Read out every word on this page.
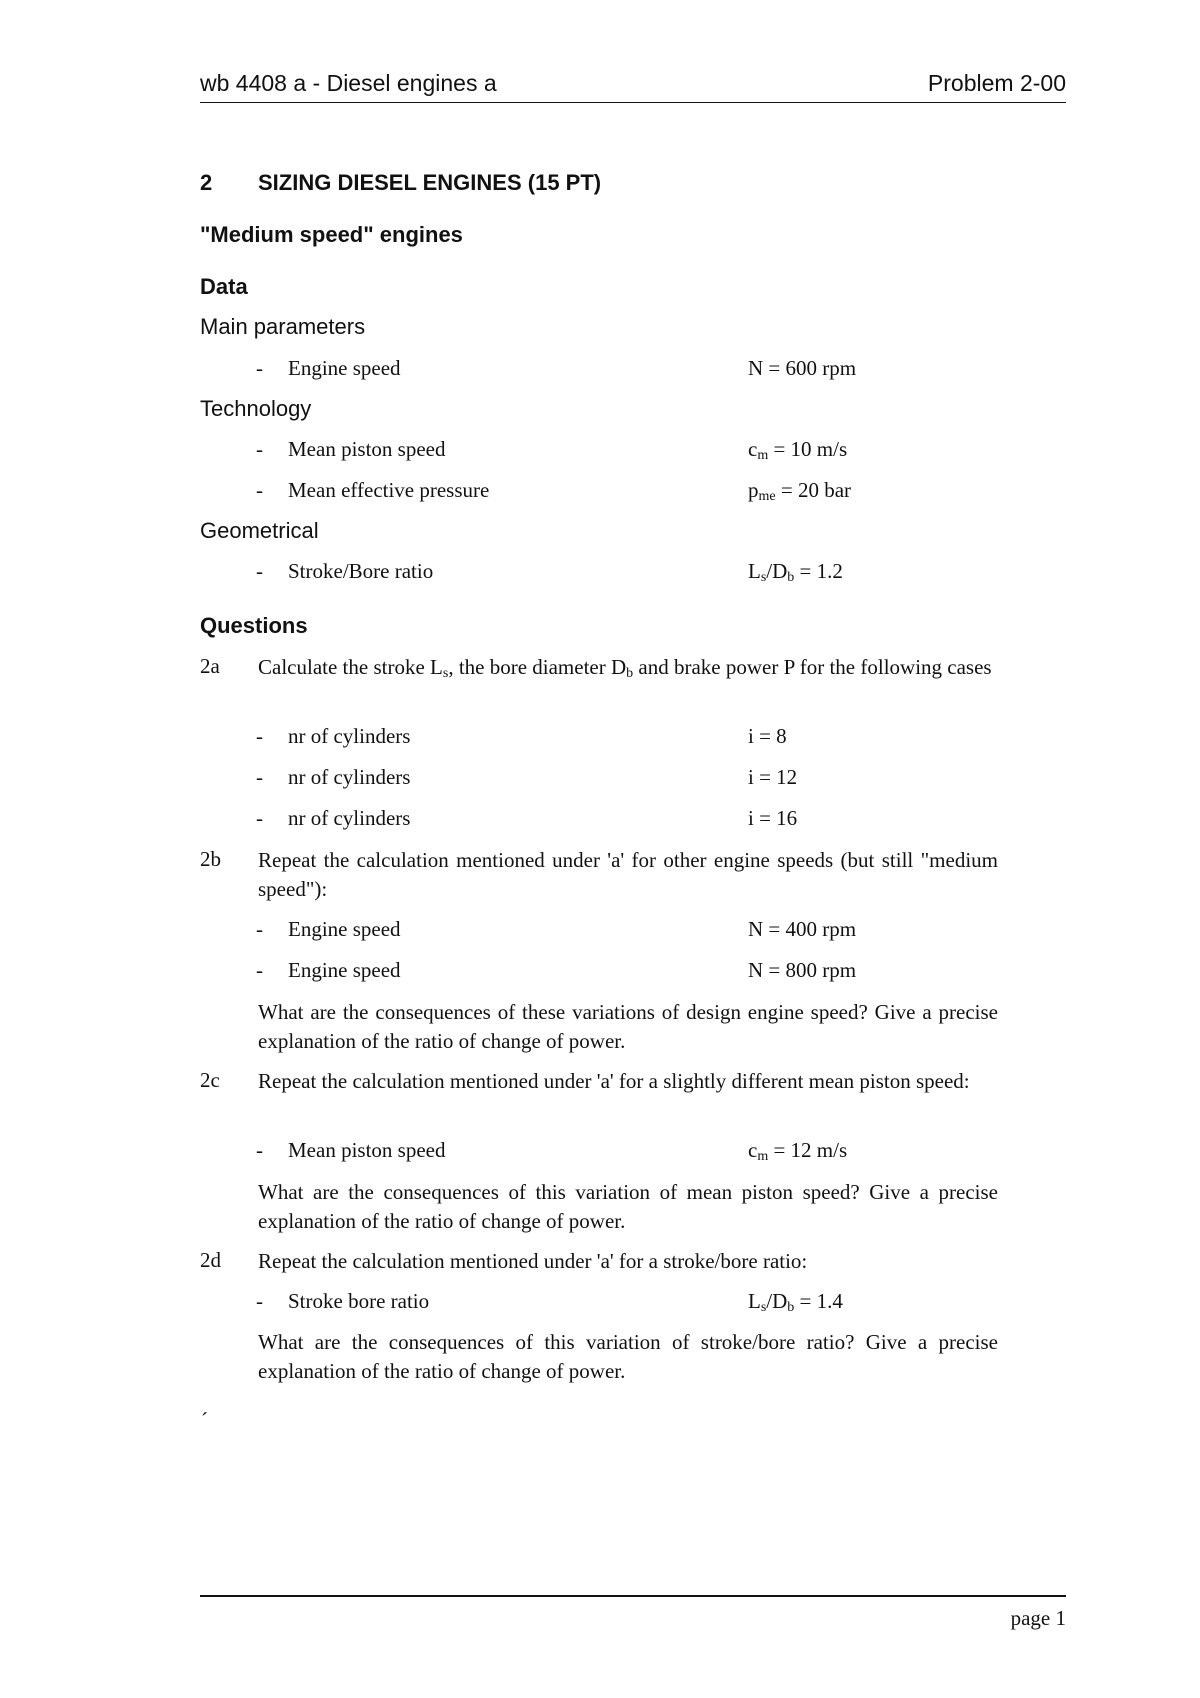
wb 4408 a - Diesel engines a	Problem 2-00
2 SIZING DIESEL ENGINES (15 PT)
"Medium speed" engines
Data
Main parameters
- Engine speed	N = 600 rpm
Technology
- Mean piston speed	$c_m = 10$ m/s
- Mean effective pressure	$p_{me} = 20$ bar
Geometrical
- Stroke/Bore ratio	$L_s/D_b = 1.2$
Questions
2a Calculate the stroke $L_s$, the bore diameter $D_b$ and brake power P for the following cases
- nr of cylinders	i = 8
- nr of cylinders	i = 12
- nr of cylinders	i = 16
2b Repeat the calculation mentioned under 'a' for other engine speeds (but still "medium speed"):
- Engine speed	N = 400 rpm
- Engine speed	N = 800 rpm
What are the consequences of these variations of design engine speed? Give a precise explanation of the ratio of change of power.
2c Repeat the calculation mentioned under 'a' for a slightly different mean piston speed:
- Mean piston speed	$c_m = 12$ m/s
What are the consequences of this variation of mean piston speed? Give a precise explanation of the ratio of change of power.
2d Repeat the calculation mentioned under 'a' for a stroke/bore ratio:
- Stroke bore ratio	$L_s/D_b = 1.4$
What are the consequences of this variation of stroke/bore ratio? Give a precise explanation of the ratio of change of power.
´
page 1
